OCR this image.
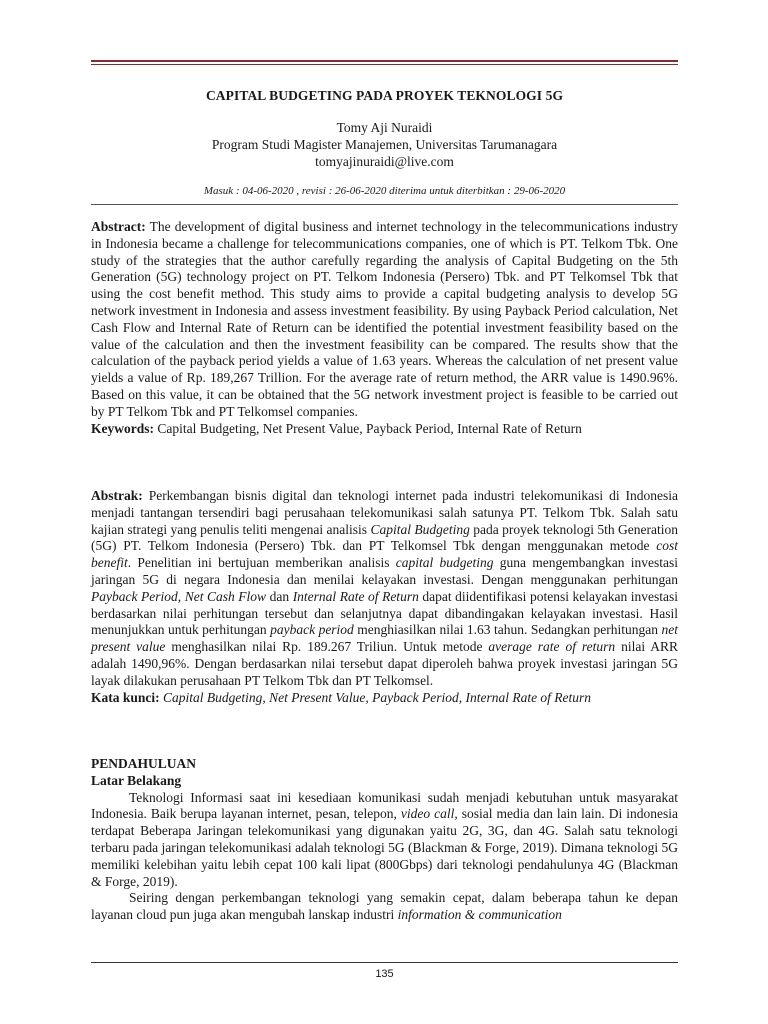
CAPITAL BUDGETING PADA PROYEK TEKNOLOGI 5G
Tomy Aji Nuraidi
Program Studi Magister Manajemen, Universitas Tarumanagara
tomyajinuraidi@live.com
Masuk : 04-06-2020 , revisi : 26-06-2020 diterima untuk diterbitkan : 29-06-2020

Abstract: The development of digital business and internet technology in the telecommunications industry in Indonesia became a challenge for telecommunications companies, one of which is PT. Telkom Tbk. One study of the strategies that the author carefully regarding the analysis of Capital Budgeting on the 5th Generation (5G) technology project on PT. Telkom Indonesia (Persero) Tbk. and PT Telkomsel Tbk that using the cost benefit method. This study aims to provide a capital budgeting analysis to develop 5G network investment in Indonesia and assess investment feasibility. By using Payback Period calculation, Net Cash Flow and Internal Rate of Return can be identified the potential investment feasibility based on the value of the calculation and then the investment feasibility can be compared. The results show that the calculation of the payback period yields a value of 1.63 years. Whereas the calculation of net present value yields a value of Rp. 189,267 Trillion. For the average rate of return method, the ARR value is 1490.96%. Based on this value, it can be obtained that the 5G network investment project is feasible to be carried out by PT Telkom Tbk and PT Telkomsel companies.

Keywords: Capital Budgeting, Net Present Value, Payback Period, Internal Rate of Return

Abstrak: Perkembangan bisnis digital dan teknologi internet pada industri telekomunikasi di Indonesia menjadi tantangan tersendiri bagi perusahaan telekomunikasi salah satunya PT. Telkom Tbk. Salah satu kajian strategi yang penulis teliti mengenai analisis Capital Budgeting pada proyek teknologi 5th Generation (5G) PT. Telkom Indonesia (Persero) Tbk. dan PT Telkomsel Tbk dengan menggunakan metode cost benefit. Penelitian ini bertujuan memberikan analisis capital budgeting guna mengembangkan investasi jaringan 5G di negara Indonesia dan menilai kelayakan investasi. Dengan menggunakan perhitungan Payback Period, Net Cash Flow dan Internal Rate of Return dapat diidentifikasi potensi kelayakan investasi berdasarkan nilai perhitungan tersebut dan selanjutnya dapat dibandingakan kelayakan investasi. Hasil menunjukkan untuk perhitungan payback period menghiasilkan nilai 1.63 tahun. Sedangkan perhitungan net present value menghasilkan nilai Rp. 189.267 Triliun. Untuk metode average rate of return nilai ARR adalah 1490,96%. Dengan berdasarkan nilai tersebut dapat diperoleh bahwa proyek investasi jaringan 5G layak dilakukan perusahaan PT Telkom Tbk dan PT Telkomsel.

Kata kunci: Capital Budgeting, Net Present Value, Payback Period, Internal Rate of Return

PENDAHULUAN

Latar Belakang

Teknologi Informasi saat ini kesediaan komunikasi sudah menjadi kebutuhan untuk masyarakat Indonesia. Baik berupa layanan internet, pesan, telepon, video call, sosial media dan lain lain. Di indonesia terdapat Beberapa Jaringan telekomunikasi yang digunakan yaitu 2G, 3G, dan 4G. Salah satu teknologi terbaru pada jaringan telekomunikasi adalah teknologi 5G (Blackman & Forge, 2019). Dimana teknologi 5G memiliki kelebihan yaitu lebih cepat 100 kali lipat (800Gbps) dari teknologi pendahulunya 4G (Blackman & Forge, 2019).

Seiring dengan perkembangan teknologi yang semakin cepat, dalam beberapa tahun ke depan layanan cloud pun juga akan mengubah lanskap industri information & communication

135
